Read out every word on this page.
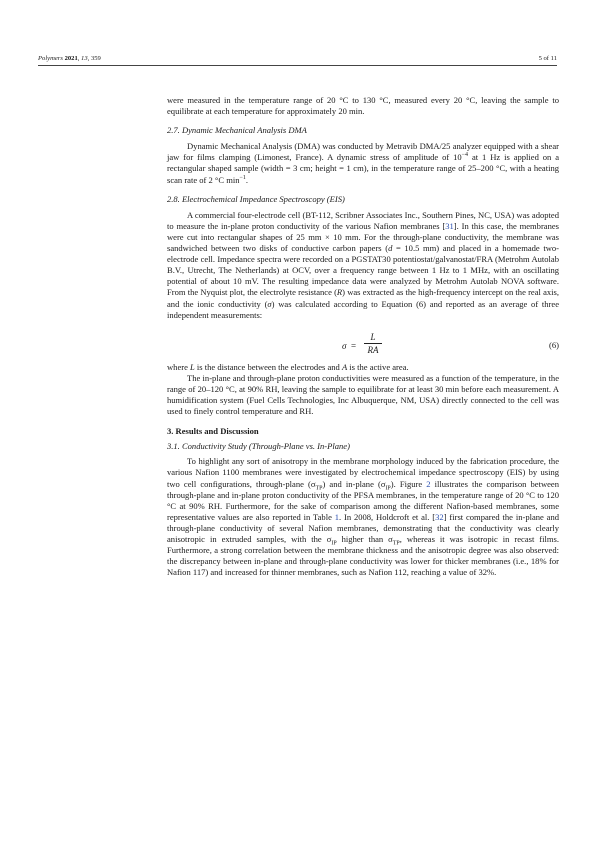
Polymers 2021, 13, 359	5 of 11

were measured in the temperature range of 20 °C to 130 °C, measured every 20 °C, leaving the sample to equilibrate at each temperature for approximately 20 min.

2.7. Dynamic Mechanical Analysis DMA

Dynamic Mechanical Analysis (DMA) was conducted by Metravib DMA/25 analyzer equipped with a shear jaw for films clamping (Limonest, France). A dynamic stress of amplitude of $10^{-4}$ at 1 Hz is applied on a rectangular shaped sample (width = 3 cm; height = 1 cm), in the temperature range of 25–200 °C, with a heating scan rate of 2 °C $\min^{-1}$.

2.8. Electrochemical Impedance Spectroscopy (EIS)

A commercial four-electrode cell (BT-112, Scribner Associates Inc., Southern Pines, NC, USA) was adopted to measure the in-plane proton conductivity of the various Nafion membranes [31]. In this case, the membranes were cut into rectangular shapes of 25 mm × 10 mm. For the through-plane conductivity, the membrane was sandwiched between two disks of conductive carbon papers (d = 10.5 mm) and placed in a homemade two-electrode cell. Impedance spectra were recorded on a PGSTAT30 potentiostat/galvanostat/FRA (Metrohm Autolab B.V., Utrecht, The Netherlands) at OCV, over a frequency range between 1 Hz to 1 MHz, with an oscillating potential of about 10 mV. The resulting impedance data were analyzed by Metrohm Autolab NOVA software. From the Nyquist plot, the electrolyte resistance (R) was extracted as the high-frequency intercept on the real axis, and the ionic conductivity (σ) was calculated according to Equation (6) and reported as an average of three independent measurements:

σ =
L
RA	(6)

where L is the distance between the electrodes and A is the active area.

The in-plane and through-plane proton conductivities were measured as a function of the temperature, in the range of 20–120 °C, at 90% RH, leaving the sample to equilibrate for at least 30 min before each measurement. A humidification system (Fuel Cells Technologies, Inc Albuquerque, NM, USA) directly connected to the cell was used to finely control temperature and RH.

3. Results and Discussion

3.1. Conductivity Study (Through-Plane vs. In-Plane)

To highlight any sort of anisotropy in the membrane morphology induced by the fabrication procedure, the various Nafion 1100 membranes were investigated by electrochemical impedance spectroscopy (EIS) by using two cell configurations, through-plane $(\sigma_{TP})$ and in-plane $(\sigma_{IP})$. Figure 2 illustrates the comparison between through-plane and in-plane proton conductivity of the PFSA membranes, in the temperature range of 20 °C to 120 °C at 90% RH. Furthermore, for the sake of comparison among the different Nafion-based membranes, some representative values are also reported in Table 1. In 2008, Holdcroft et al. [32] first compared the in-plane and through-plane conductivity of several Nafion membranes, demonstrating that the conductivity was clearly anisotropic in extruded samples, with the $\sigma_{IP}$ higher than $\sigma_{TP}$, whereas it was isotropic in recast films. Furthermore, a strong correlation between the membrane thickness and the anisotropic degree was also observed: the discrepancy between in-plane and through-plane conductivity was lower for thicker membranes (i.e., 18% for Nafion 117) and increased for thinner membranes, such as Nafion 112, reaching a value of 32%.
